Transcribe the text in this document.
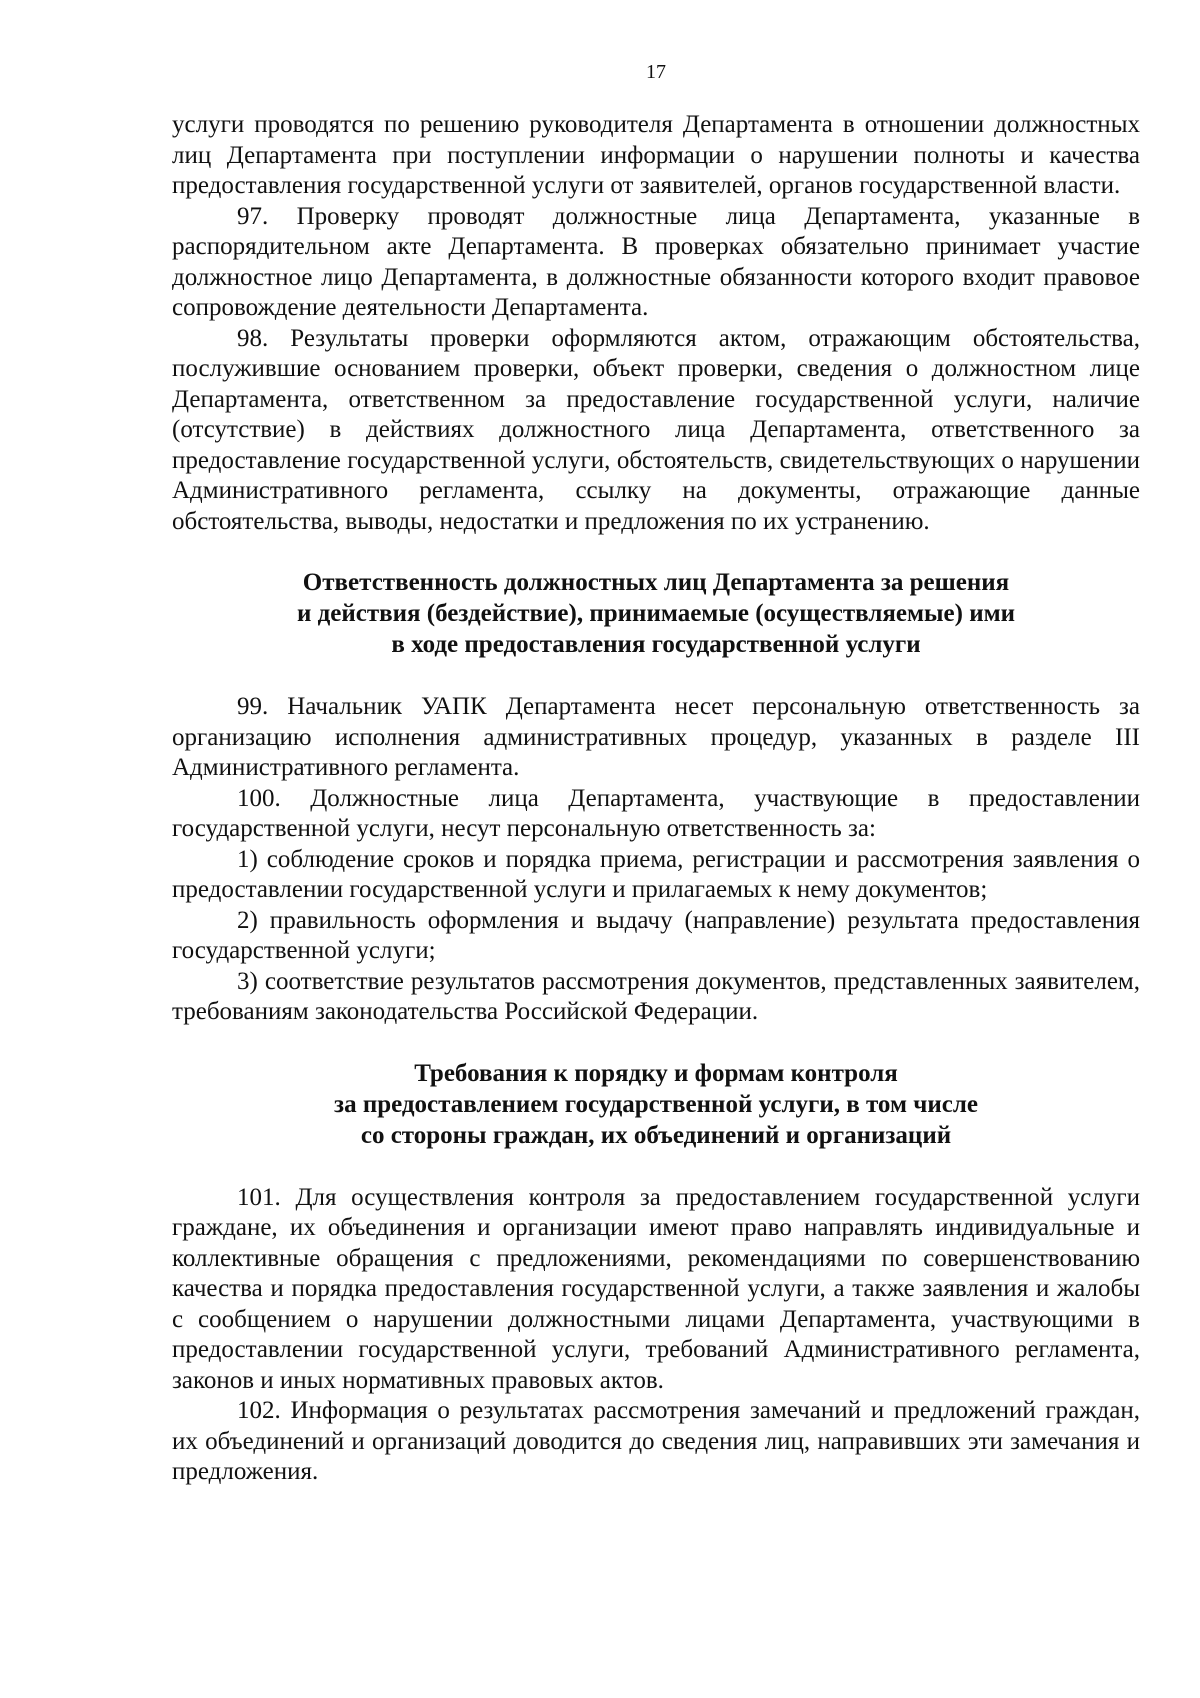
17

услуги проводятся по решению руководителя Департамента в отношении должностных лиц Департамента при поступлении информации о нарушении полноты и качества предоставления государственной услуги от заявителей, органов государственной власти.

97. Проверку проводят должностные лица Департамента, указанные в распорядительном акте Департамента. В проверках обязательно принимает участие должностное лицо Департамента, в должностные обязанности которого входит правовое сопровождение деятельности Департамента.

98. Результаты проверки оформляются актом, отражающим обстоятельства, послужившие основанием проверки, объект проверки, сведения о должностном лице Департамента, ответственном за предоставление государственной услуги, наличие (отсутствие) в действиях должностного лица Департамента, ответственного за предоставление государственной услуги, обстоятельств, свидетельствующих о нарушении Административного регламента, ссылку на документы, отражающие данные обстоятельства, выводы, недостатки и предложения по их устранению.

Ответственность должностных лиц Департамента за решения
и действия (бездействие), принимаемые (осуществляемые) ими
в ходе предоставления государственной услуги

99. Начальник УАПК Департамента несет персональную ответственность за организацию исполнения административных процедур, указанных в разделе III Административного регламента.

100. Должностные лица Департамента, участвующие в предоставлении государственной услуги, несут персональную ответственность за:

1) соблюдение сроков и порядка приема, регистрации и рассмотрения заявления о предоставлении государственной услуги и прилагаемых к нему документов;

2) правильность оформления и выдачу (направление) результата предоставления государственной услуги;

3) соответствие результатов рассмотрения документов, представленных заявителем, требованиям законодательства Российской Федерации.

Требования к порядку и формам контроля
за предоставлением государственной услуги, в том числе
со стороны граждан, их объединений и организаций

101. Для осуществления контроля за предоставлением государственной услуги граждане, их объединения и организации имеют право направлять индивидуальные и коллективные обращения с предложениями, рекомендациями по совершенствованию качества и порядка предоставления государственной услуги, а также заявления и жалобы с сообщением о нарушении должностными лицами Департамента, участвующими в предоставлении государственной услуги, требований Административного регламента, законов и иных нормативных правовых актов.

102. Информация о результатах рассмотрения замечаний и предложений граждан, их объединений и организаций доводится до сведения лиц, направивших эти замечания и предложения.
